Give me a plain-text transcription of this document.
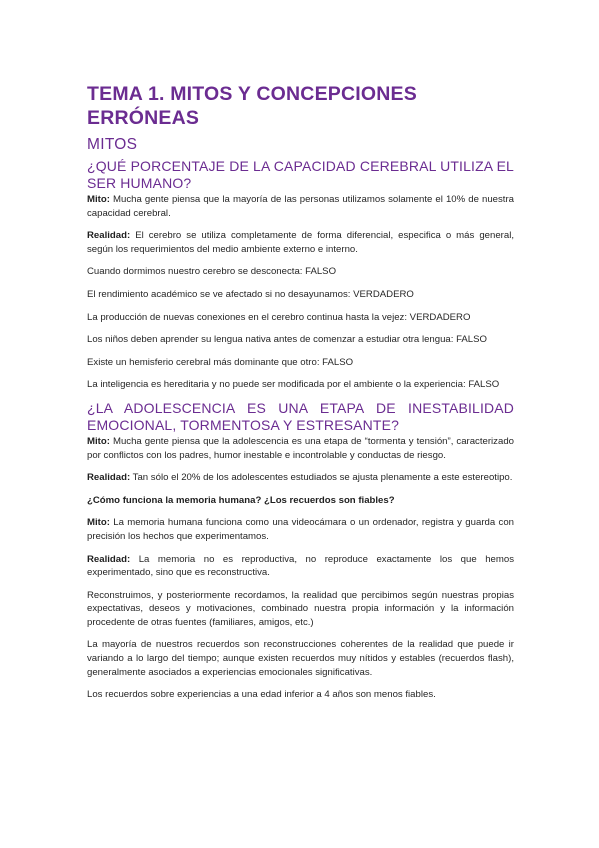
TEMA 1. MITOS Y CONCEPCIONES ERRÓNEAS
MITOS
¿QUÉ PORCENTAJE DE LA CAPACIDAD CEREBRAL UTILIZA EL SER HUMANO?

Mito: Mucha gente piensa que la mayoría de las personas utilizamos solamente el 10% de nuestra capacidad cerebral.

Realidad: El cerebro se utiliza completamente de forma diferencial, especifica o más general, según los requerimientos del medio ambiente externo e interno.

Cuando dormimos nuestro cerebro se desconecta: FALSO

El rendimiento académico se ve afectado si no desayunamos: VERDADERO

La producción de nuevas conexiones en el cerebro continua hasta la vejez: VERDADERO

Los niños deben aprender su lengua nativa antes de comenzar a estudiar otra lengua: FALSO

Existe un hemisferio cerebral más dominante que otro: FALSO

La inteligencia es hereditaria y no puede ser modificada por el ambiente o la experiencia: FALSO

¿LA ADOLESCENCIA ES UNA ETAPA DE INESTABILIDAD EMOCIONAL, TORMENTOSA Y ESTRESANTE?

Mito: Mucha gente piensa que la adolescencia es una etapa de “tormenta y tensión”, caracterizado por conflictos con los padres, humor inestable e incontrolable y conductas de riesgo.

Realidad: Tan sólo el 20% de los adolescentes estudiados se ajusta plenamente a este estereotipo.

¿Cómo funciona la memoria humana? ¿Los recuerdos son fiables?

Mito: La memoria humana funciona como una videocámara o un ordenador, registra y guarda con precisión los hechos que experimentamos.

Realidad: La memoria no es reproductiva, no reproduce exactamente los que hemos experimentado, sino que es reconstructiva.

Reconstruimos, y posteriormente recordamos, la realidad que percibimos según nuestras propias expectativas, deseos y motivaciones, combinado nuestra propia información y la información procedente de otras fuentes (familiares, amigos, etc.)

La mayoría de nuestros recuerdos son reconstrucciones coherentes de la realidad que puede ir variando a lo largo del tiempo; aunque existen recuerdos muy nítidos y estables (recuerdos flash), generalmente asociados a experiencias emocionales significativas.

Los recuerdos sobre experiencias a una edad inferior a 4 años son menos fiables.
